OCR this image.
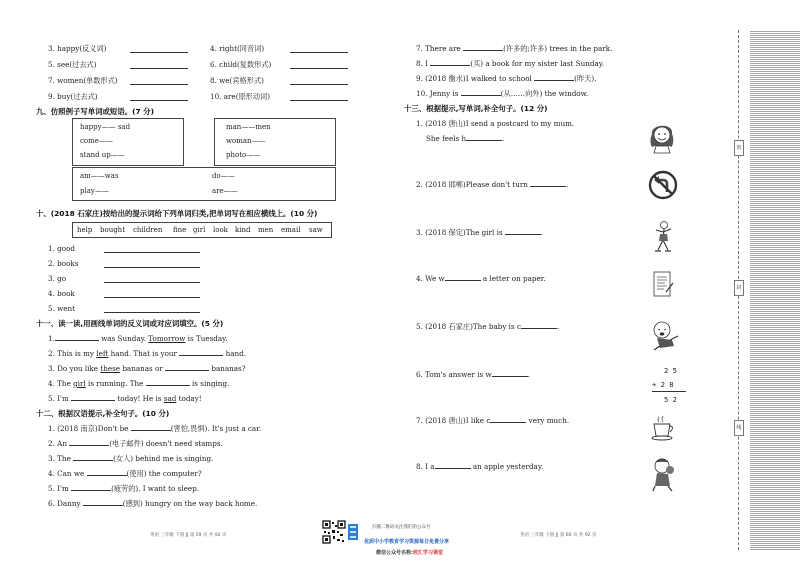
3. happy(反义词)	4. right(同音词)
5. see(过去式)	6. child(复数形式)
7. women(单数形式)	8. we(宾格形式)
9. buy(过去式)	10. are(原形动词)
九、仿照例子写单词或短语。(7 分)
happy—— sad
come——
stand up——
man——men
woman——
photo——
am——was
play——
do——
are——
十、(2018 石家庄)按给出的提示词给下列单词归类,把单词写在相应横线上。(10 分)
help bought children fine girl look kind men email saw
1. good
2. books
3. go
4. book
5. went
十一、读一读,用画线单词的反义词或对应词填空。(5 分)
1.	was Sunday. Tomorrow is Tuesday.
2. This is my left hand. That is your	hand.
3. Do you like these bananas or	bananas?
4. The girl is running. The	is singing.
5. I'm	today! He is sad today!
十二、根据汉语提示,补全句子。(10 分)
1. (2018 南京)Don't be	(害怕,畏惧). It's just a car.
2. An	(电子邮件) doesn't need stamps.
3. The	(女人) behind me is singing.
4. Can we	(使用) the computer?
5. I'm	(疲劳的). I want to sleep.
6. Danny	(感到) hungry on the way back home.
英语 三年级 下册 JJ 第 59 页 共 92 页
扫描二维码关注我们的公众号
优质中小学教育学习资源每日免费分享
微信公众号名称:校汇学习课堂
7. There are	(许多的;许多) trees in the park.
8. I	(买) a book for my sister last Sunday.
9. (2018 衡水)I walked to school	(昨天).
10. Jenny is	(从……向外) the window.
十三、根据提示,写单词,补全句子。(12 分)
1. (2018 唐山)I send a postcard to my mum.
She feels h	.
2. (2018 邯郸)Please don't turn	.
3. (2018 保定)The girl is	.
4. We w	a letter on paper.
5. (2018 石家庄)The baby is c	.
6. Tom's answer is w	.
7. (2018 唐山)I like c	very much.
8. I a	an apple yesterday.
2 5
+ 2 8
5 2
英语 三年级 下册 JJ 第 60 页 共 92 页
密
封
线
